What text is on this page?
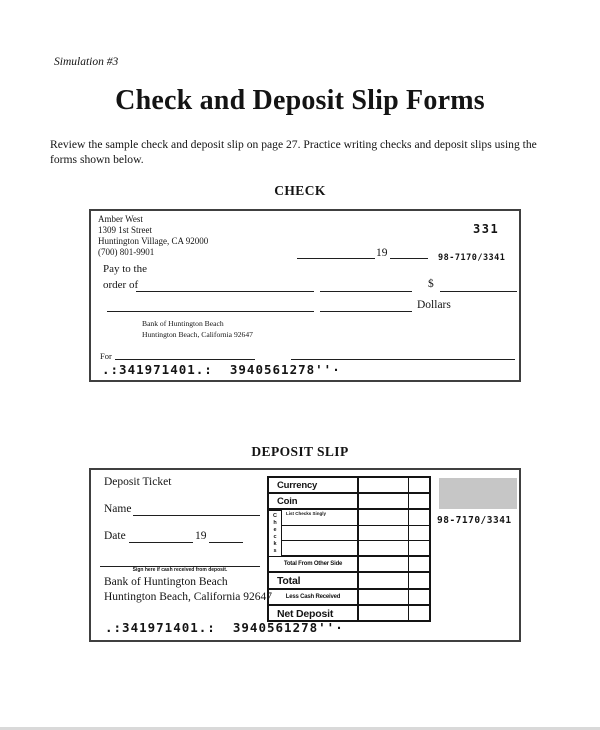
Simulation #3
Check and Deposit Slip Forms
Review the sample check and deposit slip on page 27. Practice writing checks and deposit slips using the forms shown below.
CHECK
Amber West
1309 1st Street
Huntington Village, CA 92000
(700) 801-9901
331
19	98-7170/3341
Pay to the
order of	$
Dollars
Bank of Huntington Beach
Huntington Beach, California 92647
For
.:341971401.:  3940561278''·
DEPOSIT SLIP
Deposit Ticket
Name
Date	19
Sign here if cash received from deposit.
Bank of Huntington Beach
Huntington Beach, California 92647
.:341971401.:  3940561278''·
Currency
Coin
List Checks Singly
Total From Other Side
Total
Less Cash Received
Net Deposit
C
h
e
c
k
s
98-7170/3341
